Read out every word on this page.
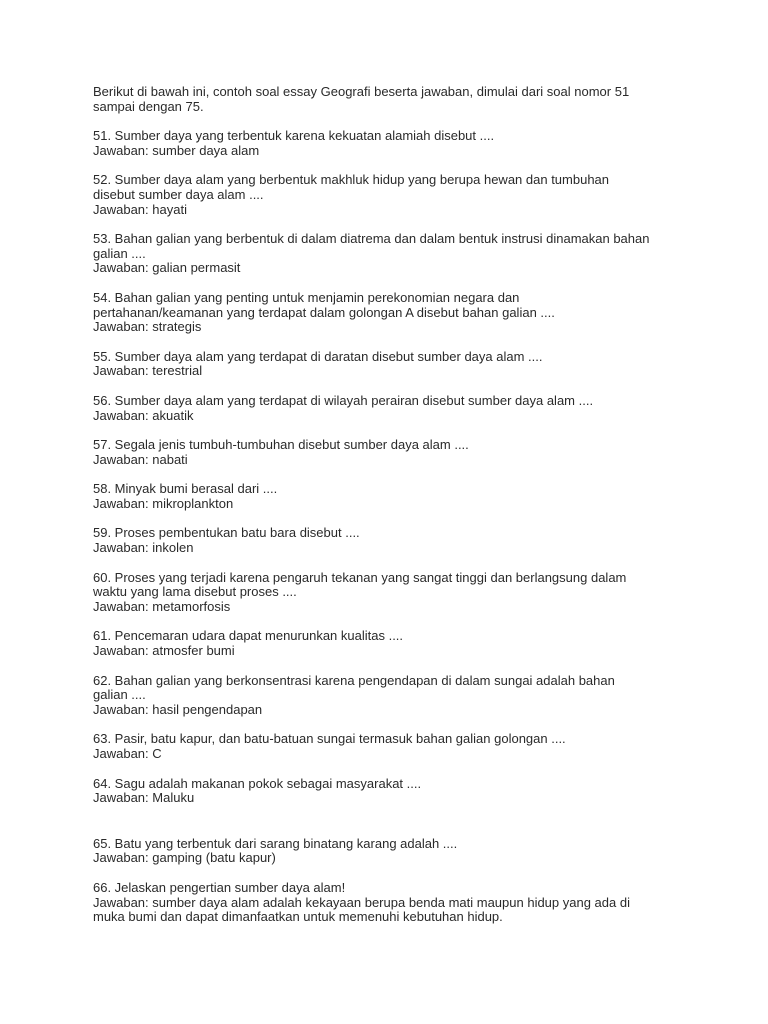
Berikut di bawah ini, contoh soal essay Geografi beserta jawaban, dimulai dari soal nomor 51
sampai dengan 75.
51. Sumber daya yang terbentuk karena kekuatan alamiah disebut ....
Jawaban: sumber daya alam
52. Sumber daya alam yang berbentuk makhluk hidup yang berupa hewan dan tumbuhan
disebut sumber daya alam ....
Jawaban: hayati
53. Bahan galian yang berbentuk di dalam diatrema dan dalam bentuk instrusi dinamakan bahan
galian ....
Jawaban: galian permasit
54. Bahan galian yang penting untuk menjamin perekonomian negara dan
pertahanan/keamanan yang terdapat dalam golongan A disebut bahan galian ....
Jawaban: strategis
55. Sumber daya alam yang terdapat di daratan disebut sumber daya alam ....
Jawaban: terestrial
56. Sumber daya alam yang terdapat di wilayah perairan disebut sumber daya alam ....
Jawaban: akuatik
57. Segala jenis tumbuh-tumbuhan disebut sumber daya alam ....
Jawaban: nabati
58. Minyak bumi berasal dari ....
Jawaban: mikroplankton
59. Proses pembentukan batu bara disebut ....
Jawaban: inkolen
60. Proses yang terjadi karena pengaruh tekanan yang sangat tinggi dan berlangsung dalam
waktu yang lama disebut proses ....
Jawaban: metamorfosis
61. Pencemaran udara dapat menurunkan kualitas ....
Jawaban: atmosfer bumi
62. Bahan galian yang berkonsentrasi karena pengendapan di dalam sungai adalah bahan
galian ....
Jawaban: hasil pengendapan
63. Pasir, batu kapur, dan batu-batuan sungai termasuk bahan galian golongan ....
Jawaban: C
64. Sagu adalah makanan pokok sebagai masyarakat ....
Jawaban: Maluku
65. Batu yang terbentuk dari sarang binatang karang adalah ....
Jawaban: gamping (batu kapur)
66. Jelaskan pengertian sumber daya alam!
Jawaban: sumber daya alam adalah kekayaan berupa benda mati maupun hidup yang ada di
muka bumi dan dapat dimanfaatkan untuk memenuhi kebutuhan hidup.
